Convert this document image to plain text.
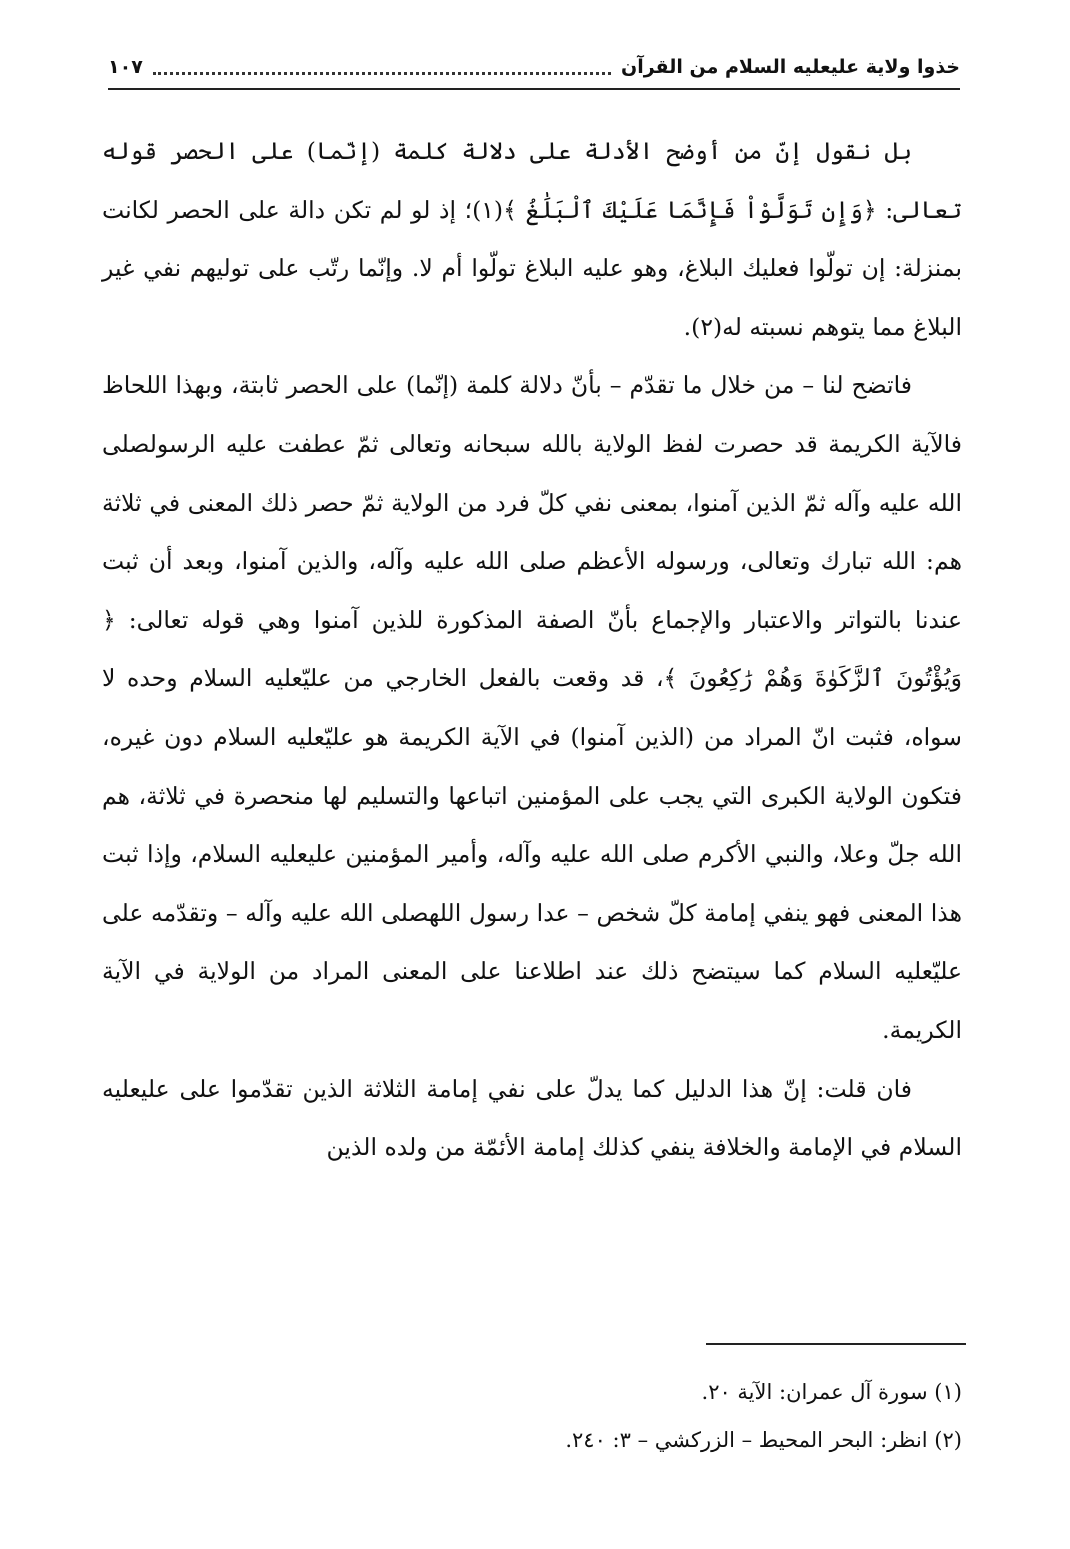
خذوا ولاية عليعليه السلام من القرآن
١٠٧

بل نقول إنّ من أوضح الأدلة على دلالة كلمة (إنّما) على الحصر قوله تعالى: ﴿وَإِن تَوَلَّوْاْ فَإِنَّمَا عَلَيْكَ ٱلْبَلَٰغُ ﴾(١)؛ إذ لو لم تكن دالة على الحصر لكانت بمنزلة: إن تولّوا فعليك البلاغ، وهو عليه البلاغ تولّوا أم لا. وإنّما رتّب على توليهم نفي غير البلاغ مما يتوهم نسبته له(٢).

فاتضح لنا – من خلال ما تقدّم – بأنّ دلالة كلمة (إنّما) على الحصر ثابتة، وبهذا اللحاظ فالآية الكريمة قد حصرت لفظ الولاية بالله سبحانه وتعالى ثمّ عطفت عليه الرسولصلى الله عليه وآله ثمّ الذين آمنوا، بمعنى نفي كلّ فرد من الولاية ثمّ حصر ذلك المعنى في ثلاثة هم: الله تبارك وتعالى، ورسوله الأعظم صلى الله عليه وآله، والذين آمنوا، وبعد أن ثبت عندنا بالتواتر والاعتبار والإجماع بأنّ الصفة المذكورة للذين آمنوا وهي قوله تعالى: ﴿ وَيُؤْتُونَ ٱلزَّكَوٰةَ وَهُمْ رَٰكِعُونَ ﴾، قد وقعت بالفعل الخارجي من عليّعليه السلام وحده لا سواه، فثبت انّ المراد من (الذين آمنوا) في الآية الكريمة هو عليّعليه السلام دون غيره، فتكون الولاية الكبرى التي يجب على المؤمنين اتباعها والتسليم لها منحصرة في ثلاثة، هم الله جلّ وعلا، والنبي الأكرم صلى الله عليه وآله، وأمير المؤمنين عليعليه السلام، وإذا ثبت هذا المعنى فهو ينفي إمامة كلّ شخص – عدا رسول اللهصلى الله عليه وآله – وتقدّمه على عليّعليه السلام كما سيتضح ذلك عند اطلاعنا على المعنى المراد من الولاية في الآية الكريمة.

فان قلت: إنّ هذا الدليل كما يدلّ على نفي إمامة الثلاثة الذين تقدّموا على عليعليه السلام في الإمامة والخلافة ينفي كذلك إمامة الأئمّة من ولده الذين

(١) سورة آل عمران: الآية ٢٠.
(٢) انظر: البحر المحيط – الزركشي – ٣: ٢٤٠.
